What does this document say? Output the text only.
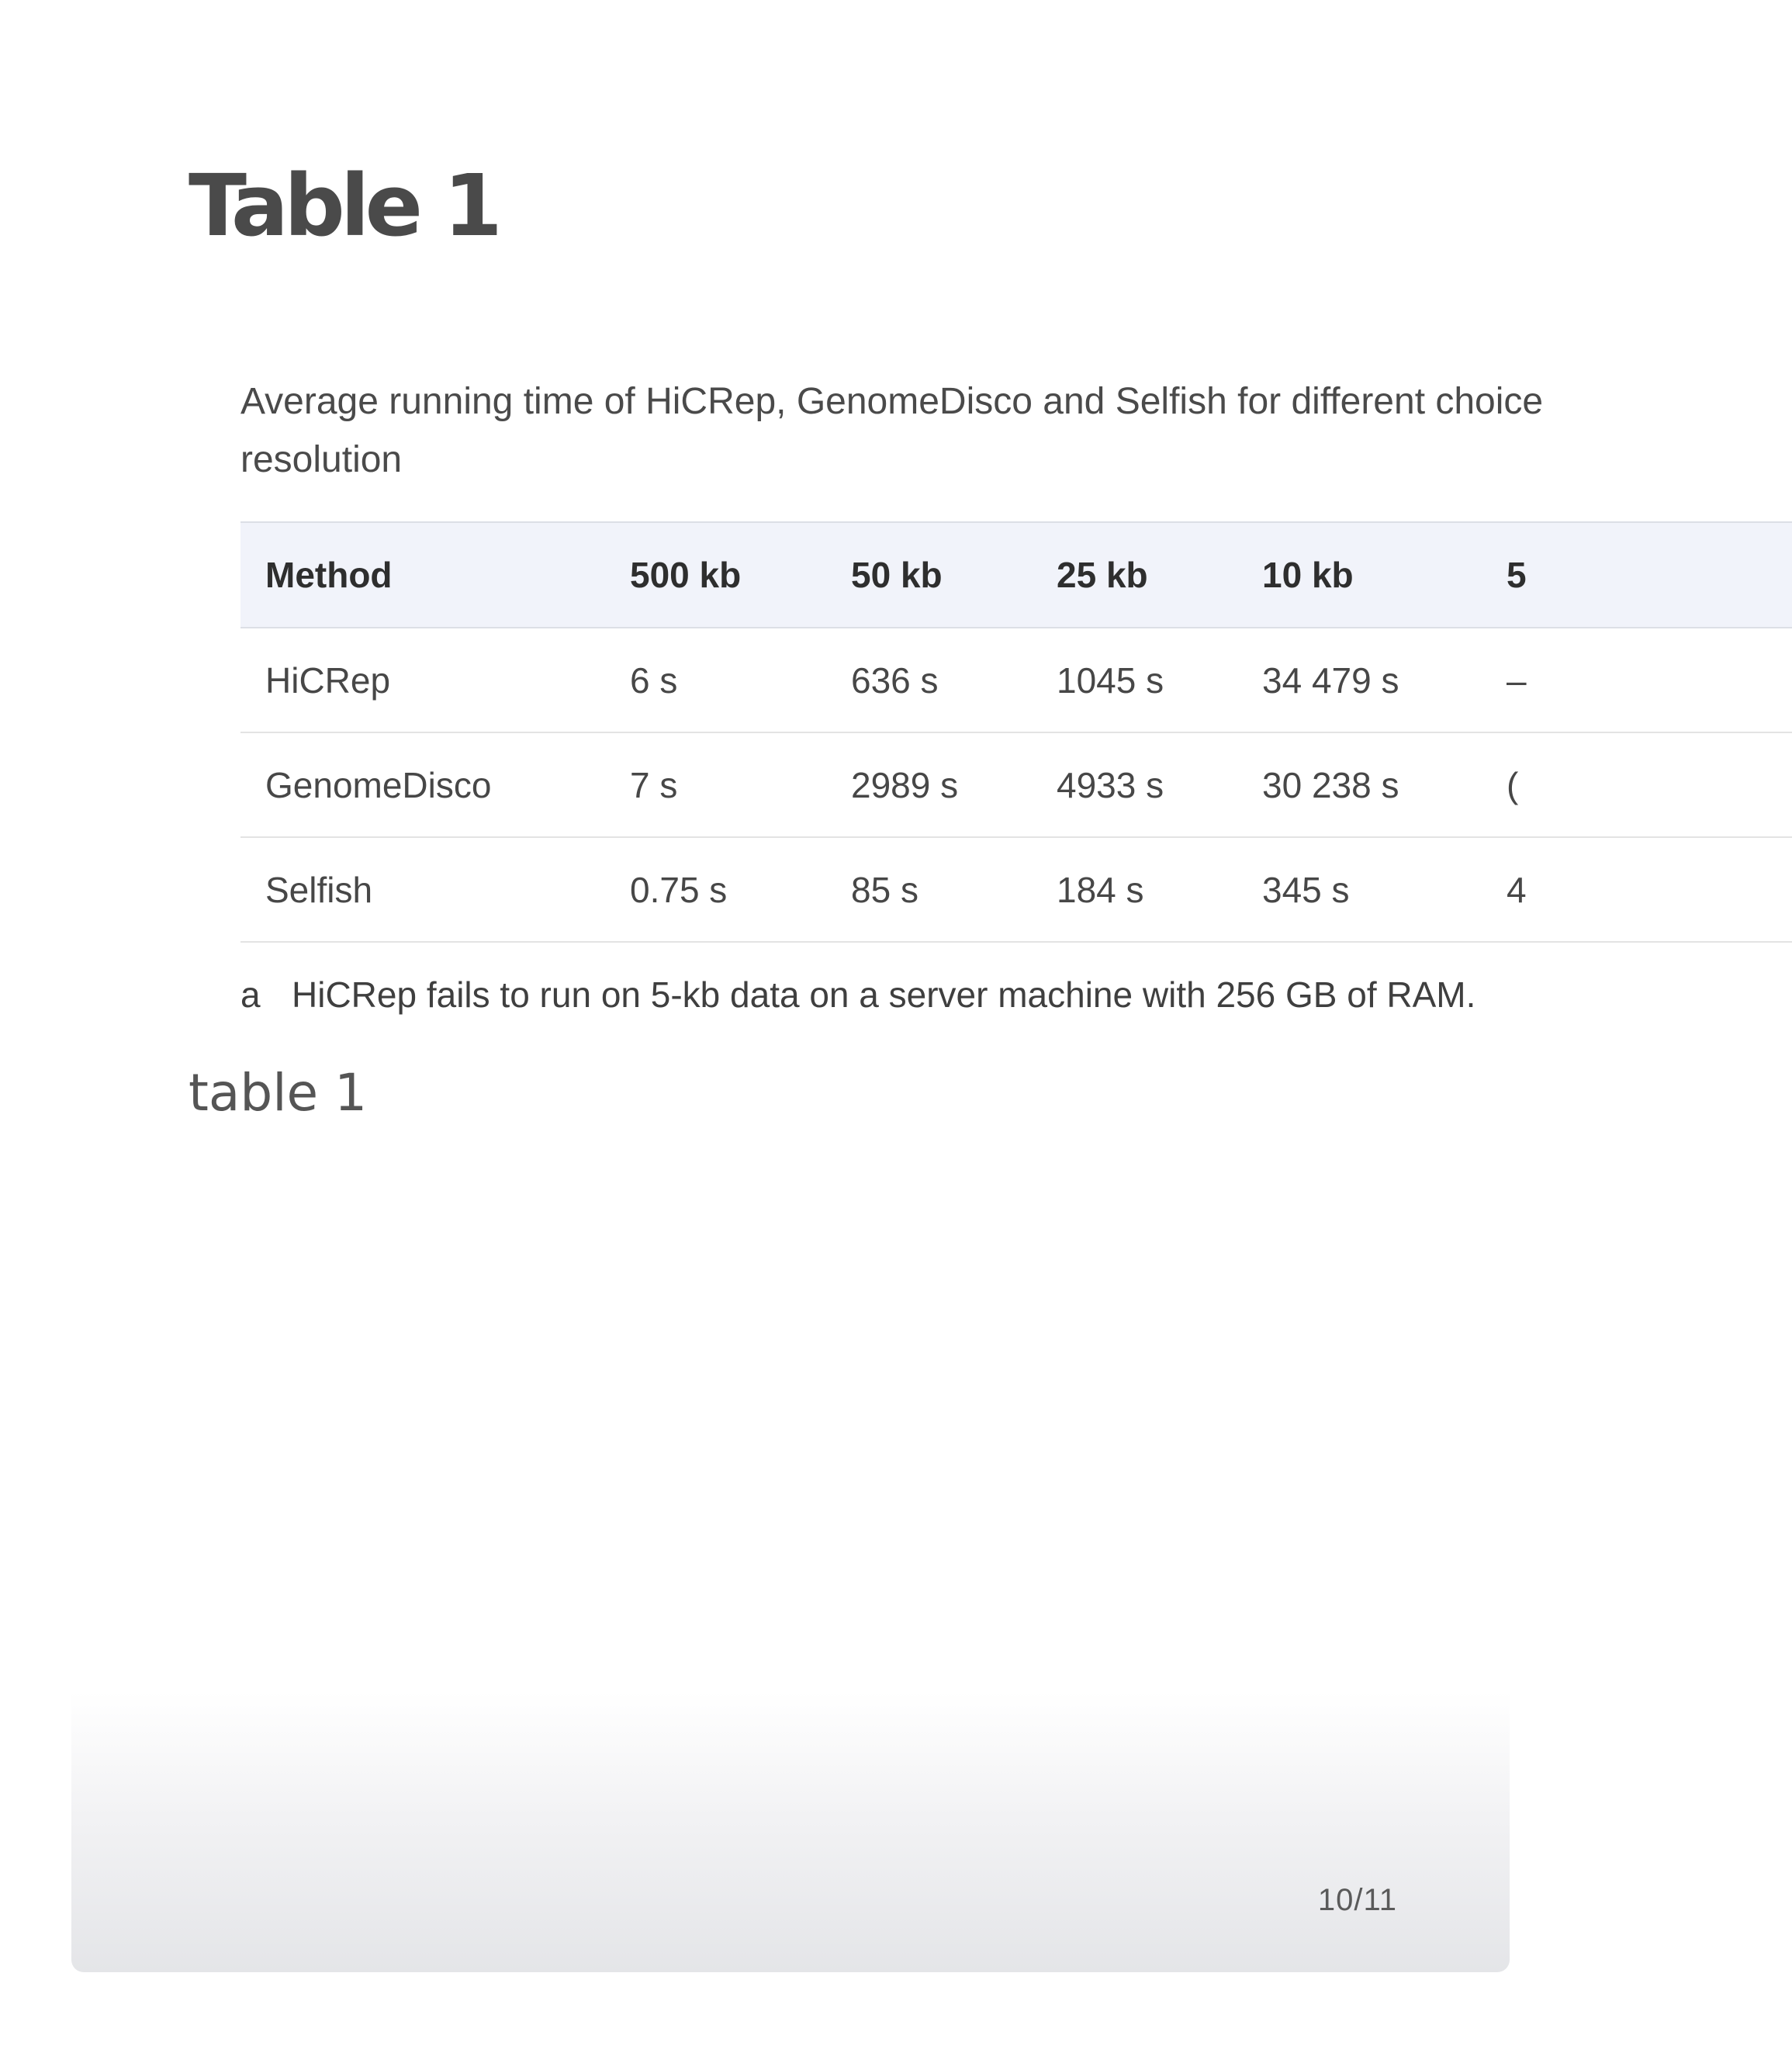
Table 1
Average running time of HiCRep, GenomeDisco and Selfish for different choice
resolution
Method	500 kb	50 kb	25 kb	10 kb	5
HiCRep	6 s	636 s	1045 s	34 479 s	–
GenomeDisco	7 s	2989 s	4933 s	30 238 s	(
Selfish	0.75 s	85 s	184 s	345 s	4
a HiCRep fails to run on 5-kb data on a server machine with 256 GB of RAM.
table 1
10/11
